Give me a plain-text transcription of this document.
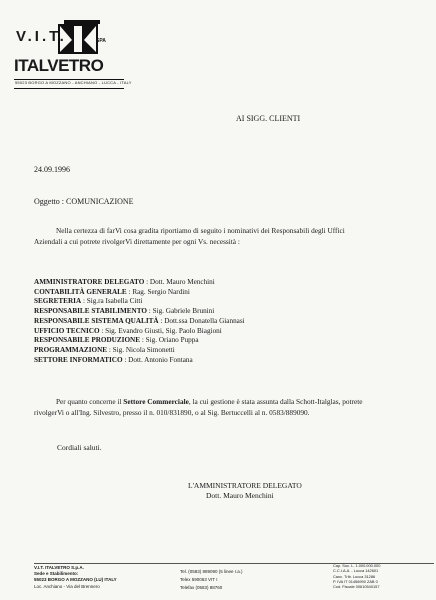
V.I.T.	SPA
ITALVETRO
55023 BORGO A MOZZANO - ANCHIANO - LUCCA - ITALY
AI SIGG. CLIENTI
24.09.1996
Oggetto : COMUNICAZIONE
Nella certezza di farVi cosa gradita riportiamo di seguito i nominativi dei Responsabili degli Uffici Aziendali a cui potrete rivolgerVi direttamente per ogni Vs. necessità :
AMMINISTRATORE DELEGATO : Dott. Mauro Menchini
CONTABILITÀ GENERALE : Rag. Sergio Nardini
SEGRETERIA : Sig.ra Isabella Citti
RESPONSABILE STABILIMENTO : Sig. Gabriele Brunini
RESPONSABILE SISTEMA QUALITÀ : Dott.ssa Donatella Giannasi
UFFICIO TECNICO : Sig. Evandro Giusti, Sig. Paolo Biagioni
RESPONSABILE PRODUZIONE : Sig. Oriano Puppa
PROGRAMMAZIONE : Sig. Nicola Simonetti
SETTORE INFORMATICO : Dott. Antonio Fontana
Per quanto concerne il Settore Commerciale, la cui gestione è stata assunta dalla Schott-Italglas, potrete rivolgerVi o all'Ing. Silvestro, presso il n. 010/831890, o al Sig. Bertuccelli al n. 0583/889090.
Cordiali saluti.
L'AMMINISTRATORE DELEGATO
Dott. Mauro Menchini
V.I.T. ITALVETRO S.p.A.
Sede e Stabilimento:
55023 BORGO A MOZZANO (LU) ITALY
Loc. Anchiano - Via del Brennero
Tel. (0583) 889090 (5 linee r.a.)
Telex 590063 VIT I
Telefax (0583) 88760
Cap. Soc. L. 1.000.000.000
C.C.I.A.A. - Lucca 142601
Canc. Trib. Lucca 31286
P. IVA IT 01456990 ZAB 0
Cod. Fiscale 00610540157
